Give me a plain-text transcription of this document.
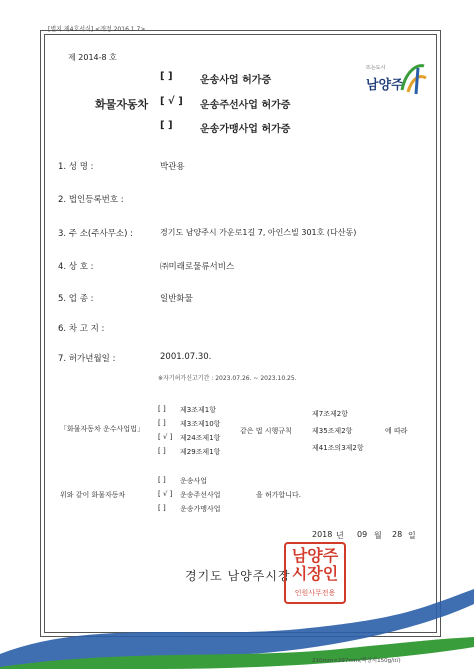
[별지 제4호서식] <개정 2016.1.7>
제 2014-8 호
화물자동차
[ ]	운송사업 허가증
[ √ ] 운송주선사업 허가증
[ ]	운송가맹사업 허가증
뜨는도시
남양주
1. 성 명 :	박관용
2. 법인등록번호 :
3. 주 소(주사무소) :	경기도 남양주시 가운로1길 7, 아인스빌 301호 (다산동)
4. 상 호 :	㈜미래로물류서비스
5. 업 종 :	일반화물
6. 차 고 지 :
7. 허가년월일 :	2001.07.30.
※자기허가신고기간 : 2023.07.26. ~ 2023.10.25.
「화물자동차 운수사업법」
[ ] 제3조제1항
[ ] 제3조제10항
[ √ ] 제24조제1항
[ ] 제29조제1항
같은 법 시행규칙
제7조제2항
제35조제2항
제41조의3제2항
에 따라
위와 같이 화물자동차
[ ] 운송사업
[ √ ] 운송주선사업
[ ] 운송가맹사업
을 허가합니다.
2018 년 09 월 28 일
경기도 남양주시장
남양주
시장인
인원사무전용
210mm×297mm(백상지150g/㎡)
